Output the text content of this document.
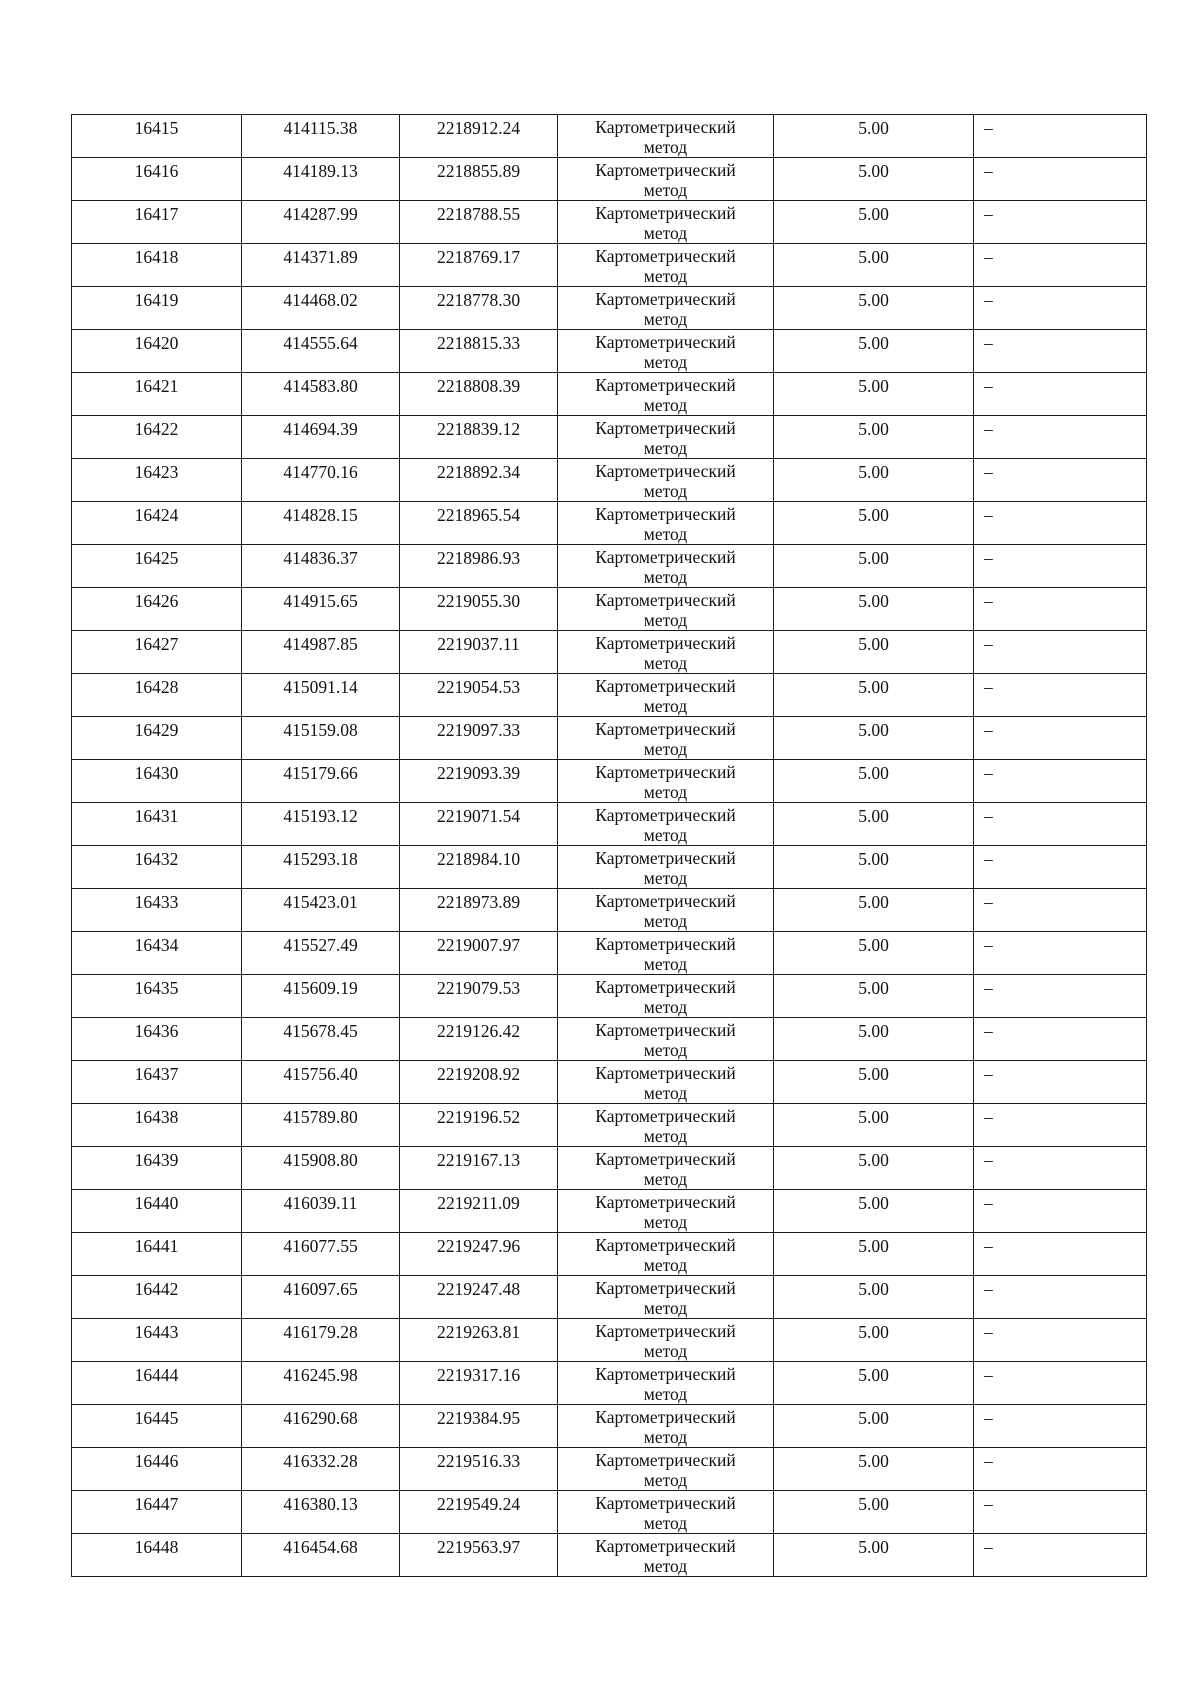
16415	414115.38	2218912.24	Картометрический
метод	5.00	–
16416	414189.13	2218855.89	Картометрический
метод	5.00	–
16417	414287.99	2218788.55	Картометрический
метод	5.00	–
16418	414371.89	2218769.17	Картометрический
метод	5.00	–
16419	414468.02	2218778.30	Картометрический
метод	5.00	–
16420	414555.64	2218815.33	Картометрический
метод	5.00	–
16421	414583.80	2218808.39	Картометрический
метод	5.00	–
16422	414694.39	2218839.12	Картометрический
метод	5.00	–
16423	414770.16	2218892.34	Картометрический
метод	5.00	–
16424	414828.15	2218965.54	Картометрический
метод	5.00	–
16425	414836.37	2218986.93	Картометрический
метод	5.00	–
16426	414915.65	2219055.30	Картометрический
метод	5.00	–
16427	414987.85	2219037.11	Картометрический
метод	5.00	–
16428	415091.14	2219054.53	Картометрический
метод	5.00	–
16429	415159.08	2219097.33	Картометрический
метод	5.00	–
16430	415179.66	2219093.39	Картометрический
метод	5.00	–
16431	415193.12	2219071.54	Картометрический
метод	5.00	–
16432	415293.18	2218984.10	Картометрический
метод	5.00	–
16433	415423.01	2218973.89	Картометрический
метод	5.00	–
16434	415527.49	2219007.97	Картометрический
метод	5.00	–
16435	415609.19	2219079.53	Картометрический
метод	5.00	–
16436	415678.45	2219126.42	Картометрический
метод	5.00	–
16437	415756.40	2219208.92	Картометрический
метод	5.00	–
16438	415789.80	2219196.52	Картометрический
метод	5.00	–
16439	415908.80	2219167.13	Картометрический
метод	5.00	–
16440	416039.11	2219211.09	Картометрический
метод	5.00	–
16441	416077.55	2219247.96	Картометрический
метод	5.00	–
16442	416097.65	2219247.48	Картометрический
метод	5.00	–
16443	416179.28	2219263.81	Картометрический
метод	5.00	–
16444	416245.98	2219317.16	Картометрический
метод	5.00	–
16445	416290.68	2219384.95	Картометрический
метод	5.00	–
16446	416332.28	2219516.33	Картометрический
метод	5.00	–
16447	416380.13	2219549.24	Картометрический
метод	5.00	–
16448	416454.68	2219563.97	Картометрический
метод	5.00	–
